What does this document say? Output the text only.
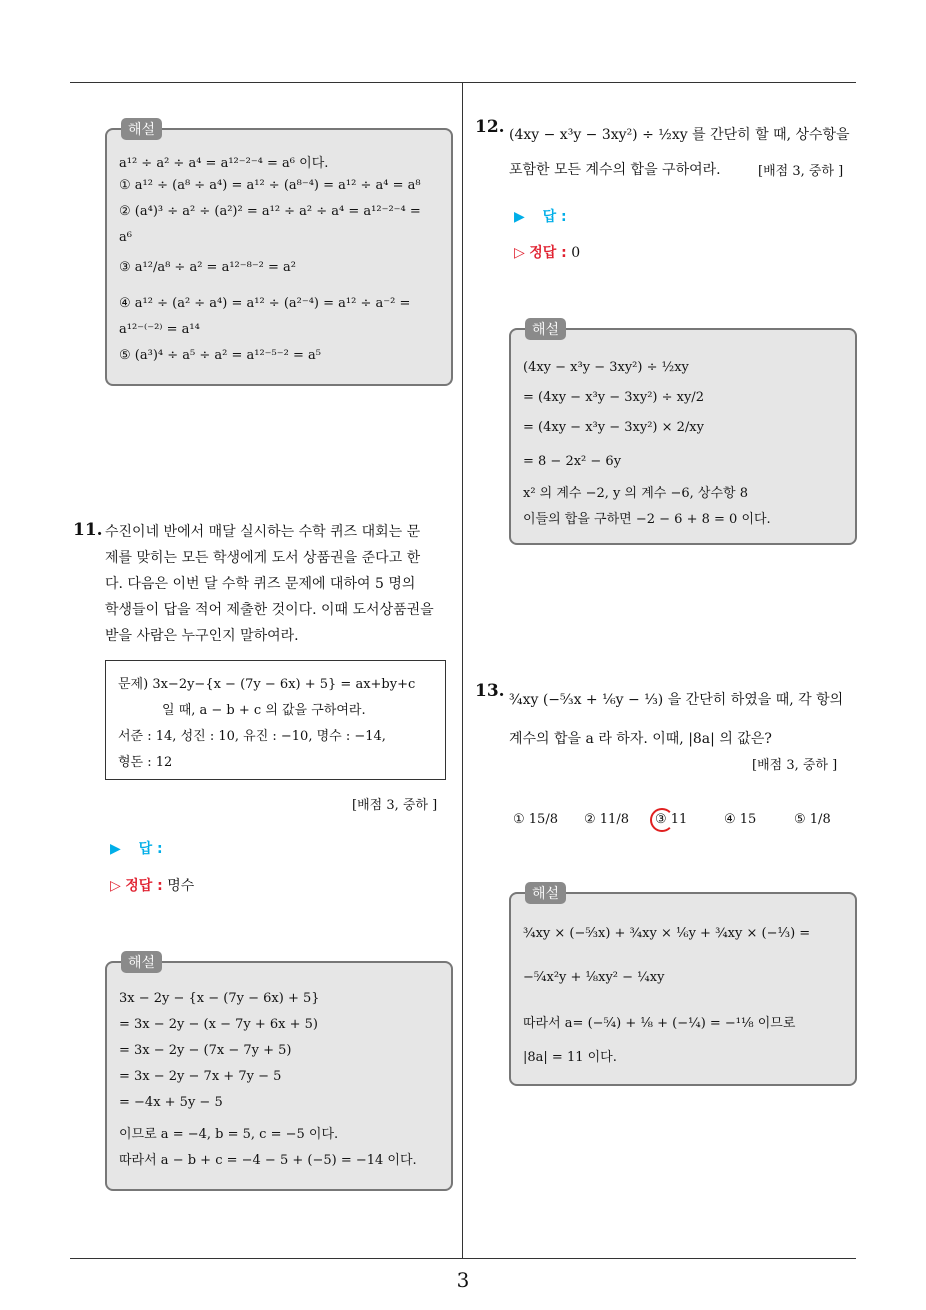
3
해설
a¹² ÷ a² ÷ a⁴ = a¹²⁻²⁻⁴ = a⁶ 이다.
① a¹² ÷ (a⁸ ÷ a⁴) = a¹² ÷ (a⁸⁻⁴) = a¹² ÷ a⁴ = a⁸
② (a⁴)³ ÷ a² ÷ (a²)² = a¹² ÷ a² ÷ a⁴ = a¹²⁻²⁻⁴ =
a⁶
③ a¹²/a⁸ ÷ a² = a¹²⁻⁸⁻² = a²
④ a¹² ÷ (a² ÷ a⁴) = a¹² ÷ (a²⁻⁴) = a¹² ÷ a⁻² =
a¹²⁻⁽⁻²⁾ = a¹⁴
⑤ (a³)⁴ ÷ a⁵ ÷ a² = a¹²⁻⁵⁻² = a⁵
11. 수진이네 반에서 매달 실시하는 수학 퀴즈 대회는 문
제를 맞히는 모든 학생에게 도서 상품권을 준다고 한
다. 다음은 이번 달 수학 퀴즈 문제에 대하여 5 명의
학생들이 답을 적어 제출한 것이다. 이때 도서상품권을
받을 사람은 누구인지 말하여라.
문제) 3x−2y−{x − (7y − 6x) + 5} = ax+by+c
일 때, a − b + c 의 값을 구하여라.
서준 : 14, 성진 : 10, 유진 : −10, 명수 : −14,
형돈 : 12
[배점 3, 중하 ]
▶ 답 :
▷ 정답 : 명수
해설
3x − 2y − {x − (7y − 6x) + 5}
= 3x − 2y − (x − 7y + 6x + 5)
= 3x − 2y − (7x − 7y + 5)
= 3x − 2y − 7x + 7y − 5
= −4x + 5y − 5
이므로 a = −4, b = 5, c = −5 이다.
따라서 a − b + c = −4 − 5 + (−5) = −14 이다.
12. (4xy − x³y − 3xy²) ÷ ½xy 를 간단히 할 때, 상수항을
포함한 모든 계수의 합을 구하여라.	[배점 3, 중하 ]
▶ 답 :
▷ 정답 : 0
해설
(4xy − x³y − 3xy²) ÷ ½xy
= (4xy − x³y − 3xy²) ÷ xy/2
= (4xy − x³y − 3xy²) × 2/xy
= 8 − 2x² − 6y
x² 의 계수 −2, y 의 계수 −6, 상수항 8
이들의 합을 구하면 −2 − 6 + 8 = 0 이다.
13. ¾xy (−⁵⁄₃x + ⅙y − ⅓) 을 간단히 하였을 때, 각 항의
계수의 합을 a 라 하자. 이때, |8a| 의 값은?
[배점 3, 중하 ]
① 15/8 ② 11/8 ③ 11	④ 15	⑤ 1/8
해설
¾xy × (−⁵⁄₃x) + ¾xy × ⅙y + ¾xy × (−⅓) =
−⁵⁄₄x²y + ⅛xy² − ¼xy
따라서 a= (−⁵⁄₄) + ⅛ + (−¼) = −¹¹⁄₈ 이므로
|8a| = 11 이다.
